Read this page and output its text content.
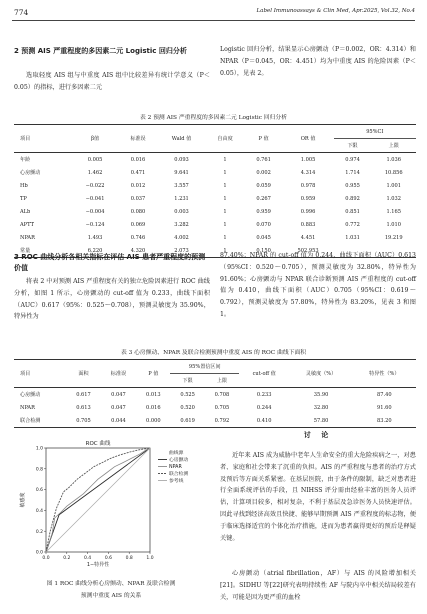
774	Label Immunoassays & Clin Med, Apr.2025, Vol.32, No.4
2 预测 AIS 严重程度的多因素二元 Logistic 回归分析
选取轻度 AIS 组与中重度 AIS 组中比较差异有统计学意义（P＜0.05）的指标，进行多因素二元
Logistic 回归分析，结果显示心房颤动（P＝0.002，OR：4.314）和 NPAR（P＝0.045，OR：4.451）均为中重度 AIS 的危险因素（P＜0.05），见表 2。
表 2 预测 AIS 严重程度的多因素二元 Logistic 回归分析
项目	β值	标准误	Wald 值	自由度	P 值	OR 值	95%CI	
							下限	上限
年龄	0.005	0.016	0.093	1	0.761	1.005	0.974	1.036
心房颤动	1.462	0.471	9.641	1	0.002	4.314	1.714	10.856
Hb	−0.022	0.012	3.557	1	0.059	0.978	0.955	1.001
TP	−0.041	0.037	1.231	1	0.267	0.959	0.892	1.032
ALb	−0.004	0.080	0.003	1	0.959	0.996	0.851	1.165
APTT	−0.124	0.069	3.282	1	0.070	0.883	0.772	1.010
NPAR	1.493	0.746	4.002	1	0.045	4.451	1.031	19.219
常量	6.220	4.320	2.073	1	0.150	502.953		
3 ROC 曲线分析各相关指标在评估 AIS 患者严重程度的预测价值
将表 2 中对预测 AIS 严重程度有关的独立危险因素进行 ROC 曲线分析，如图 1 所示，心房颤动的 cut-off 值为 0.233，曲线下面积（AUC）0.617（95%：0.525～0.708），预测灵敏度为 35.90%，特异性为
87.40%；NPAR 的 cut-off 值为 0.244，曲线下面积（AUC）0.613（95%CI：0.520～0.705），预测灵敏度为 32.80%，特异性为 91.60%；心房颤动与 NPAR 联合诊断预测 AIS 严重程度的 cut-off 值为 0.410，曲线下面积（AUC）0.705（95%CI：0.619～0.792），预测灵敏度为 57.80%，特异性为 83.20%，见表 3 和图 1。
表 3 心房颤动、NPAR 及联合检测预测中重度 AIS 的 ROC 曲线下面积
项目	面积	标准误	P 值	95%置信区间		cut-off 值	灵敏度（%）	特异性（%）
				下限	上限			
心房颤动	0.617	0.047	0.013	0.525	0.708	0.233	35.90	87.40
NPAR	0.613	0.047	0.016	0.520	0.705	0.244	32.80	91.60
联合检测	0.705	0.044	0.000	0.619	0.792	0.410	57.80	83.20
0.0
0.0
0.2
0.2
0.4
0.4
0.6
0.6
0.8
0.8
1.0
1.0
ROC 曲线
1−特异性
敏感度
曲线源
心房颤动
NPAR
联合检测
参考线
图 1 ROC 曲线分析心房颤动、NPAR 及联合检测
预测中重度 AIS 的关系
讨 论
近年来 AIS 成为威胁中老年人生命安全的重大危险疾病之一，对患者、家庭和社会带来了沉重的负担。AIS 的严重程度与患者的治疗方式及预后等方面关系紧密。在基层医院，由于条件的限制，缺乏对患者进行全面系统评估的手段，且 NIHSS 评分需由经验丰富的医务人员评估，计算项目较多，相对复杂，不利于基层及急诊医务人员快速评估。因此寻找到经济高效且快捷、能够早期预测 AIS 严重程度的标志物，便于临床选择适宜的个体化治疗措施，进而为患者赢得更好的预后是释疑关键。
心房颤动（atrial fibrillation，AF）与 AIS 的风险增加相关[21]。SIDHU 等[22]研究表明持续性 AF 与院内卒中相关结局较差有关，可能是因为更严重的血栓
